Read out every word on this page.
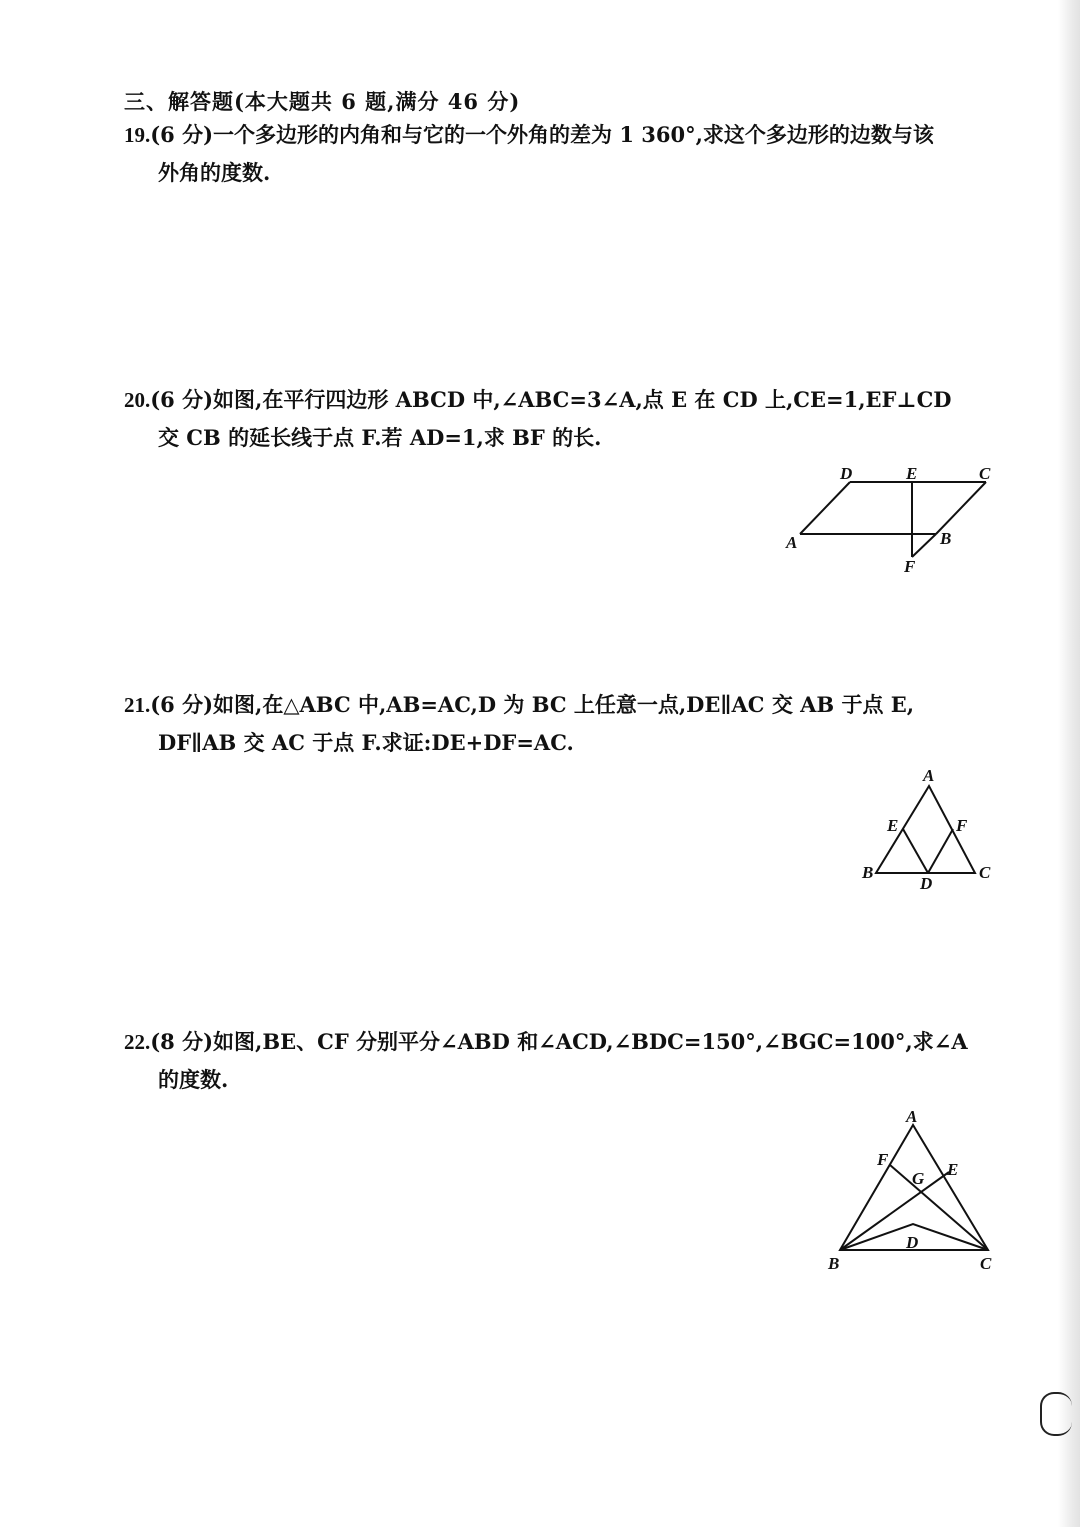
三、解答题(本大题共 6 题,满分 46 分)
19.(6 分)一个多边形的内角和与它的一个外角的差为 1 360°,求这个多边形的边数与该
外角的度数.
20.(6 分)如图,在平行四边形 ABCD 中,∠ABC=3∠A,点 E 在 CD 上,CE=1,EF⊥CD
交 CB 的延长线于点 F.若 AD=1,求 BF 的长.
D	E	C
A	B
F
21.(6 分)如图,在△ABC 中,AB=AC,D 为 BC 上任意一点,DE∥AC 交 AB 于点 E,
DF∥AB 交 AC 于点 F.求证:DE+DF=AC.
A
E	F
B
D
C
22.(8 分)如图,BE、CF 分别平分∠ABD 和∠ACD,∠BDC=150°,∠BGC=100°,求∠A
的度数.
A
F
G E
D
B	C
